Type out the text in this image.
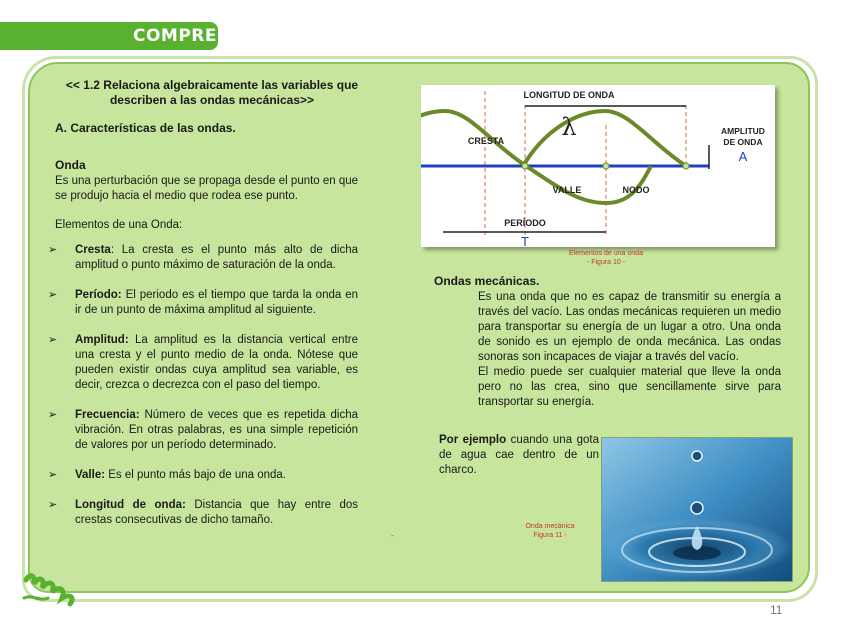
COMPRENDO
<< 1.2 Relaciona algebraicamente las variables que
describen a las ondas mecánicas>>
A. Características de las ondas.
Onda
Es una perturbación que se propaga desde el punto en que se produjo hacia el medio que rodea ese punto.
Elementos de una Onda:
➢ Cresta: La cresta es el punto más alto de dicha amplitud o punto máximo de saturación de la onda.
➢ Período: El periodo es el tiempo que tarda la onda en ir de un punto de máxima amplitud al siguiente.
➢ Amplitud: La amplitud es la distancia vertical entre una cresta y el punto medio de la onda. Nótese que pueden existir ondas cuya amplitud sea variable, es decir, crezca o decrezca con el paso del tiempo.
➢ Frecuencia: Número de veces que es repetida dicha vibración. En otras palabras, es una simple repetición de valores por un período determinado.
➢ Valle: Es el punto más bajo de una onda.
➢ Longitud de onda: Distancia que hay entre dos crestas consecutivas de dicho tamaño.
LONGITUD DE ONDA
λ
CRESTA
AMPLITUD
DE ONDA
A
VALLE	NODO
PERÍODO
T
Elementos de una onda
- Figura 10 -
Ondas mecánicas.

Es una onda que no es capaz de transmitir su energía a través del vacío. Las ondas mecánicas requieren un medio para transportar su energía de un lugar a otro. Una onda de sonido es un ejemplo de onda mecánica. Las ondas sonoras son incapaces de viajar a través del vacío.

El medio puede ser cualquier material que lleve la onda pero no las crea, sino que sencillamente sirve para transportar su energía.

Por ejemplo cuando una gota de agua cae dentro de un charco.
Onda mecánica
Figura 11 -
-
11
